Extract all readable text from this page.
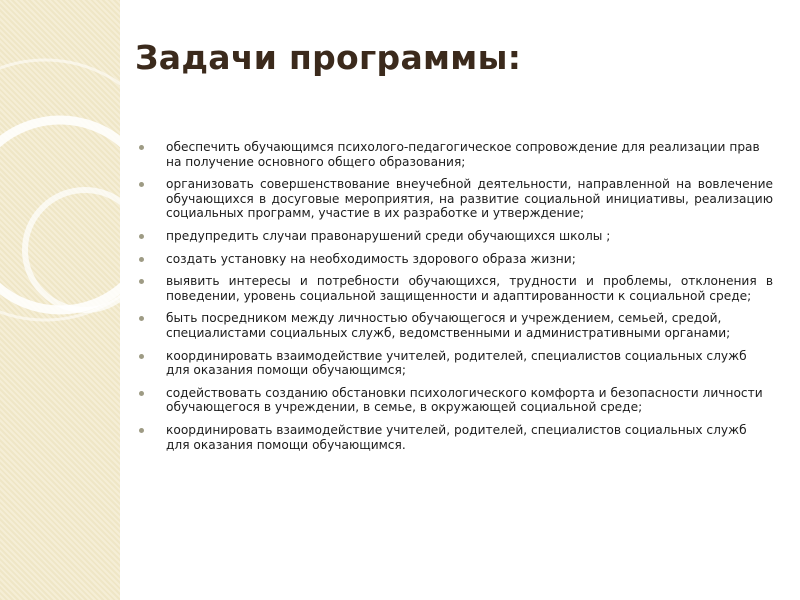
Задачи программы:
обеспечить обучающимся психолого-педагогическое сопровождение для реализации прав на получение основного общего образования;
организовать совершенствование внеучебной деятельности, направленной на вовлечение обучающихся в досуговые мероприятия, на развитие социальной инициативы, реализацию социальных программ, участие в их разработке и утверждение;
предупредить случаи правонарушений среди обучающихся школы ;
создать установку на необходимость здорового образа жизни;
выявить интересы и потребности обучающихся, трудности и проблемы, отклонения в поведении, уровень социальной защищенности и адаптированности к социальной среде;
быть посредником между личностью обучающегося и учреждением, семьей, средой, специалистами социальных служб, ведомственными и административными органами;
координировать взаимодействие учителей, родителей, специалистов социальных служб для оказания помощи обучающимся;
содействовать созданию обстановки психологического комфорта и безопасности личности обучающегося в учреждении, в семье, в окружающей социальной среде;
координировать взаимодействие учителей, родителей, специалистов социальных служб для оказания помощи обучающимся.
